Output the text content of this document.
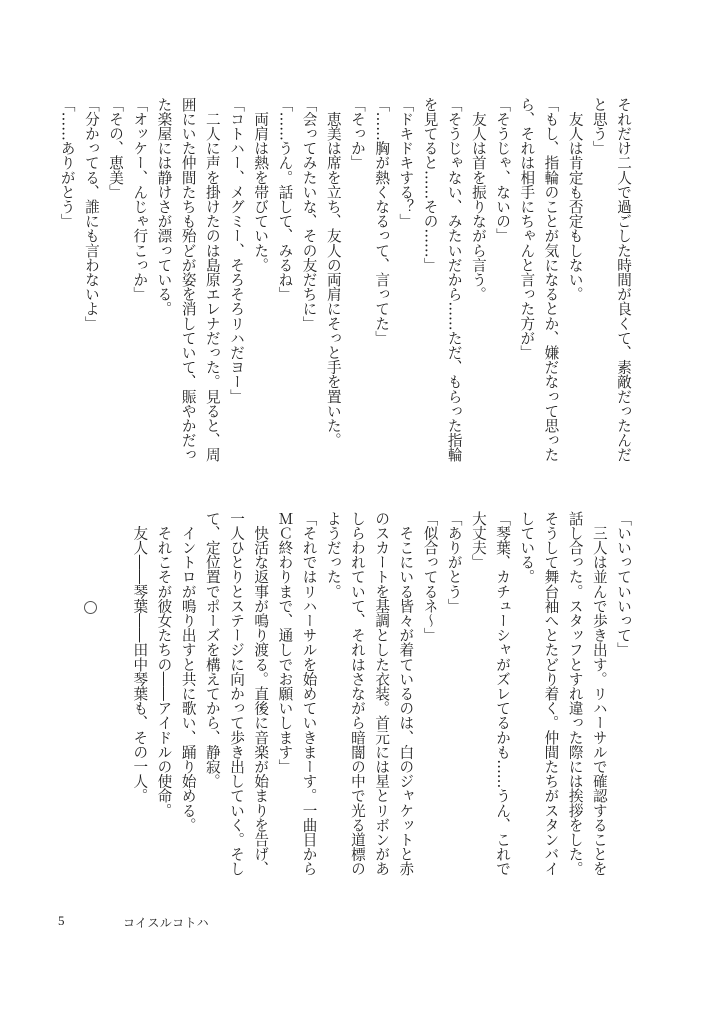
それだけ二人で過ごした時間が良くて、素敵だったんだ
と思う」
　友人は肯定も否定もしない。
「もし、指輪のことが気になるとか、嫌だなって思った
ら、それは相手にちゃんと言った方が」
「そうじゃ、ないの」
　友人は首を振りながら言う。
「そうじゃない、みたいだから……ただ、もらった指輪
を見てると……その……」
「ドキドキする？」
「……胸が熱くなるって、言ってた」
「そっか」
　恵美は席を立ち、友人の両肩にそっと手を置いた。
「会ってみたいな、その友だちに」
「……うん。話して、みるね」
　両肩は熱を帯びていた。
「コトハー、メグミー、そろそろリハだヨー」
　二人に声を掛けたのは島原エレナだった。見ると、周
囲にいた仲間たちも殆どが姿を消していて、賑やかだっ
た楽屋には静けさが漂っている。
「オッケー、んじゃ行こっか」
「その、恵美」
「分かってる、誰にも言わないよ」
「……ありがとう」
「いいっていいって」
　三人は並んで歩き出す。リハーサルで確認することを
話し合った。スタッフとすれ違った際には挨拶をした。
そうして舞台袖へとたどり着く。仲間たちがスタンバイ
している。
「琴葉、カチューシャがズレてるかも……うん、これで
大丈夫」
「ありがとう」
「似合ってるネ～」
　そこにいる皆々が着ているのは、白のジャケットと赤
のスカートを基調とした衣装。首元には星とリボンがあ
しらわれていて、それはさながら暗闇の中で光る道標の
ようだった。
「それではリハーサルを始めていきまーす。一曲目から
ＭＣ終わりまで、通しでお願いします」
　快活な返事が鳴り渡る。直後に音楽が始まりを告げ、
一人ひとりとステージに向かって歩き出していく。そし
て、定位置でポーズを構えてから、静寂。
　イントロが鳴り出すと共に歌い、踊り始める。
　それこそが彼女たちの――アイドルの使命。
　友人――琴葉――田中琴葉も、その一人。
5	コイスルコトハ
